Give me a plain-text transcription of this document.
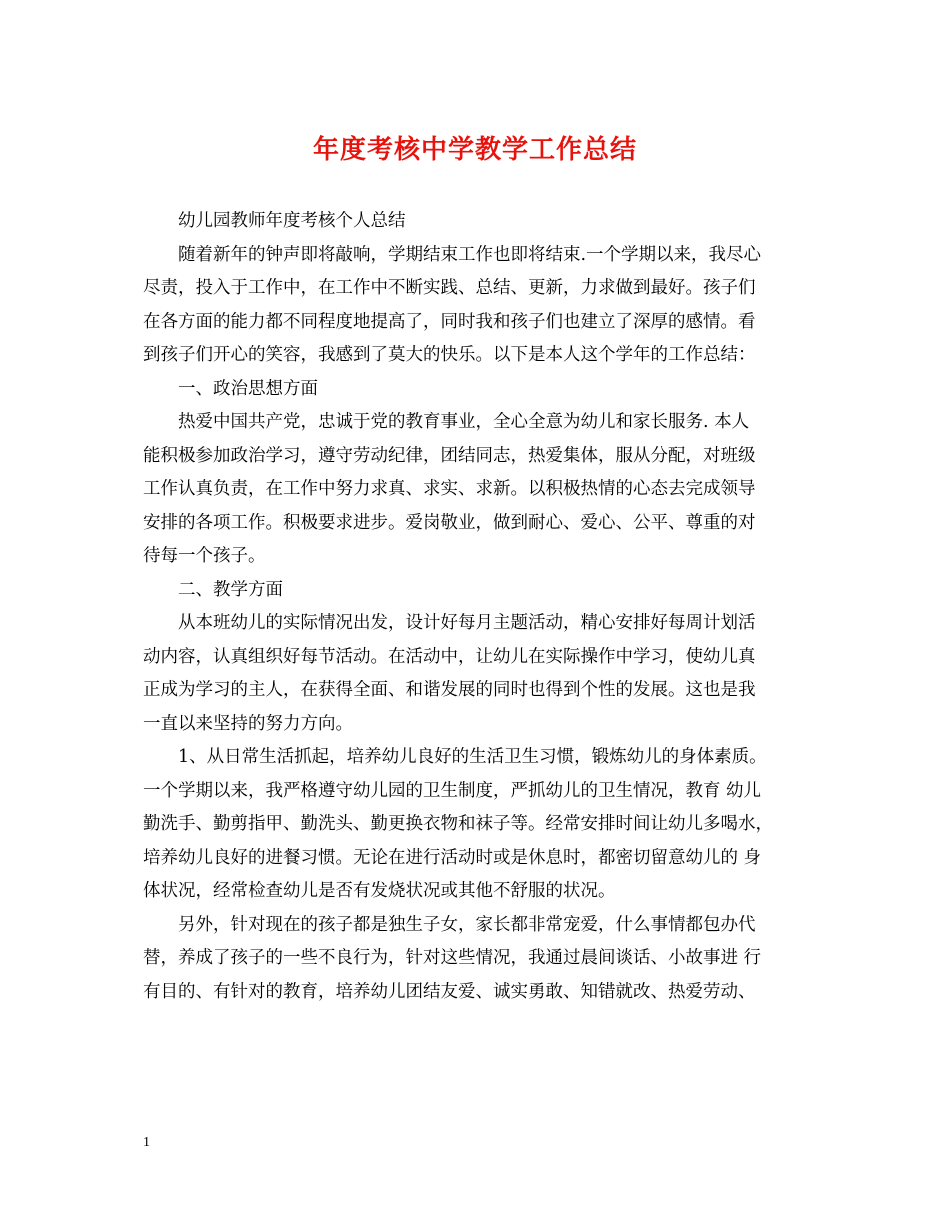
年度考核中学教学工作总结
幼儿园教师年度考核个人总结
随着新年的钟声即将敲响，学期结束工作也即将结束.一个学期以来，我尽心
尽责，投入于工作中，在工作中不断实践、总结、更新，力求做到最好。孩子们
在各方面的能力都不同程度地提高了，同时我和孩子们也建立了深厚的感情。看
到孩子们开心的笑容，我感到了莫大的快乐。以下是本人这个学年的工作总结：
一、政治思想方面
热爱中国共产党，忠诚于党的教育事业，全心全意为幼儿和家长服务. 本人
能积极参加政治学习，遵守劳动纪律，团结同志，热爱集体，服从分配，对班级
工作认真负责，在工作中努力求真、求实、求新。以积极热情的心态去完成领导
安排的各项工作。积极要求进步。爱岗敬业，做到耐心、爱心、公平、尊重的对
待每一个孩子。
二、教学方面
从本班幼儿的实际情况出发，设计好每月主题活动，精心安排好每周计划活
动内容，认真组织好每节活动。在活动中，让幼儿在实际操作中学习，使幼儿真
正成为学习的主人，在获得全面、和谐发展的同时也得到个性的发展。这也是我
一直以来坚持的努力方向。
1、从日常生活抓起，培养幼儿良好的生活卫生习惯，锻炼幼儿的身体素质。
一个学期以来，我严格遵守幼儿园的卫生制度，严抓幼儿的卫生情况，教育 幼儿
勤洗手、勤剪指甲、勤洗头、勤更换衣物和袜子等。经常安排时间让幼儿多喝水，
培养幼儿良好的进餐习惯。无论在进行活动时或是休息时，都密切留意幼儿的 身
体状况，经常检查幼儿是否有发烧状况或其他不舒服的状况。
另外，针对现在的孩子都是独生子女，家长都非常宠爱，什么事情都包办代
替，养成了孩子的一些不良行为，针对这些情况，我通过晨间谈话、小故事进 行
有目的、有针对的教育，培养幼儿团结友爱、诚实勇敢、知错就改、热爱劳动、
1
